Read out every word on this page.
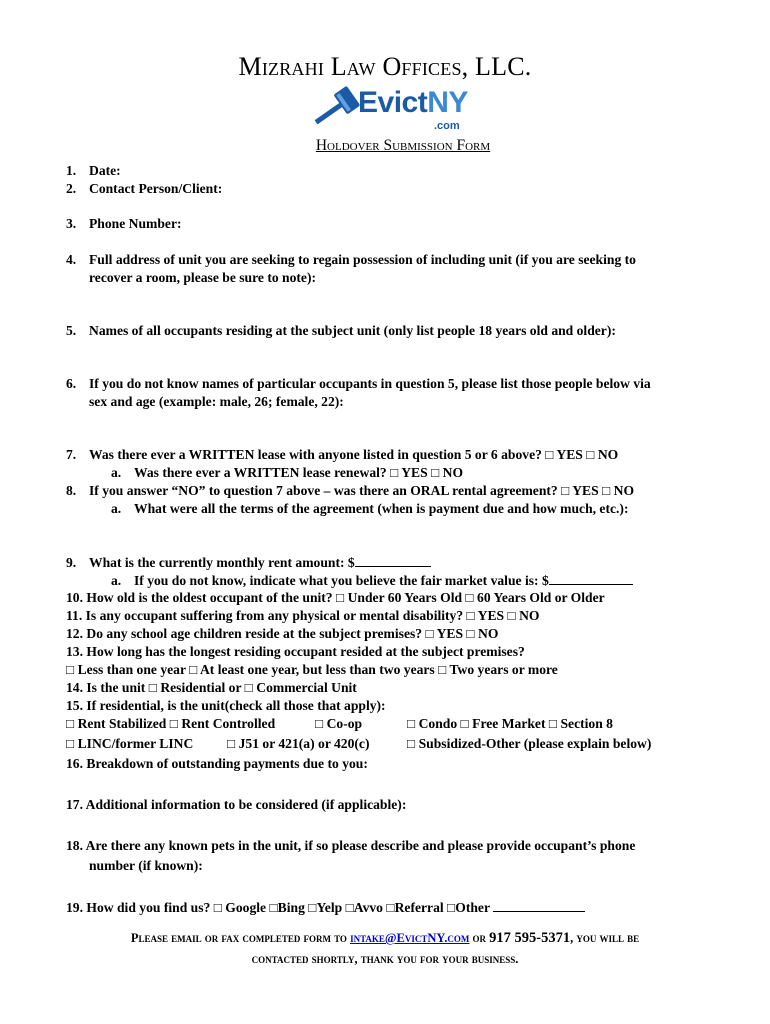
Mizrahi Law Offices, LLC.
EvictNY
.com
Holdover Submission Form
1. Date:
2. Contact Person/Client:
3. Phone Number:
4. Full address of unit you are seeking to regain possession of including unit (if you are seeking to
recover a room, please be sure to note):
5. Names of all occupants residing at the subject unit (only list people 18 years old and older):
6. If you do not know names of particular occupants in question 5, please list those people below via
sex and age (example: male, 26; female, 22):
7. Was there ever a WRITTEN lease with anyone listed in question 5 or 6 above? □ YES □ NO
a. Was there ever a WRITTEN lease renewal? □ YES □ NO
8. If you answer “NO” to question 7 above – was there an ORAL rental agreement? □ YES □ NO
a. What were all the terms of the agreement (when is payment due and how much, etc.):
9. What is the currently monthly rent amount: $
a. If you do not know, indicate what you believe the fair market value is: $
10. How old is the oldest occupant of the unit? □ Under 60 Years Old □ 60 Years Old or Older
11. Is any occupant suffering from any physical or mental disability? □ YES □ NO
12. Do any school age children reside at the subject premises? □ YES □ NO
13. How long has the longest residing occupant resided at the subject premises?
□ Less than one year □ At least one year, but less than two years □ Two years or more
14. Is the unit □ Residential or □ Commercial Unit
15. If residential, is the unit(check all those that apply):
□ Rent Stabilized □ Rent Controlled	□ Co-op	□ Condo □ Free Market □ Section 8
□ LINC/former LINC □ J51 or 421(a) or 420(c)	□ Subsidized-Other (please explain below)
16. Breakdown of outstanding payments due to you:
17. Additional information to be considered (if applicable):
18. Are there any known pets in the unit, if so please describe and please provide occupant’s phone
number (if known):
19. How did you find us? □ Google □Bing □Yelp □Avvo □Referral □Other
Please email or fax completed form to intake@EvictNY.com or 917 595-5371, you will be
contacted shortly, thank you for your business.
